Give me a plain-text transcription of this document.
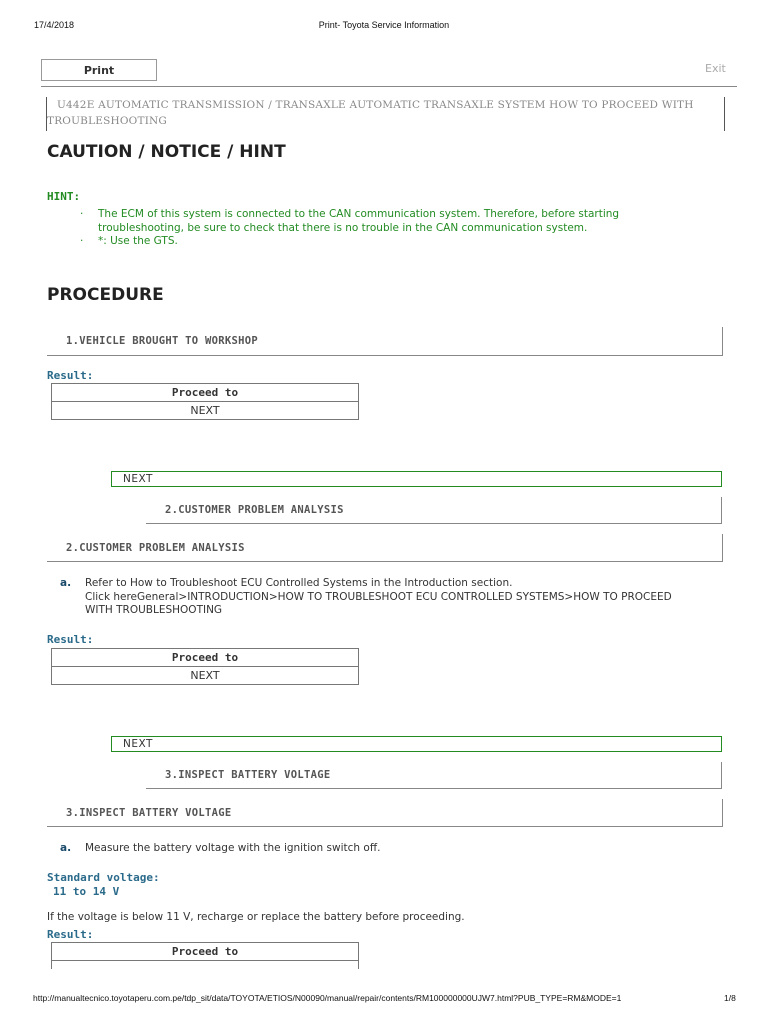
17/4/2018	Print- Toyota Service Information
Print	Exit
U442E AUTOMATIC TRANSMISSION / TRANSAXLE AUTOMATIC TRANSAXLE SYSTEM HOW TO PROCEED WITH TROUBLESHOOTING
CAUTION / NOTICE / HINT
HINT:
· The ECM of this system is connected to the CAN communication system. Therefore, before starting troubleshooting, be sure to check that there is no trouble in the CAN communication system.
· *: Use the GTS.
PROCEDURE
1.VEHICLE BROUGHT TO WORKSHOP
Result:
Proceed to
NEXT
NEXT
2.CUSTOMER PROBLEM ANALYSIS
2.CUSTOMER PROBLEM ANALYSIS
a. Refer to How to Troubleshoot ECU Controlled Systems in the Introduction section.
Click hereGeneral>INTRODUCTION>HOW TO TROUBLESHOOT ECU CONTROLLED SYSTEMS>HOW TO PROCEED WITH TROUBLESHOOTING
Result:
Proceed to
NEXT
NEXT
3.INSPECT BATTERY VOLTAGE
3.INSPECT BATTERY VOLTAGE
a. Measure the battery voltage with the ignition switch off.
Standard voltage:
11 to 14 V
If the voltage is below 11 V, recharge or replace the battery before proceeding.
Result:
Proceed to

http://manualtecnico.toyotaperu.com.pe/tdp_sit/data/TOYOTA/ETIOS/N00090/manual/repair/contents/RM100000000UJW7.html?PUB_TYPE=RM&MODE=1	1/8
